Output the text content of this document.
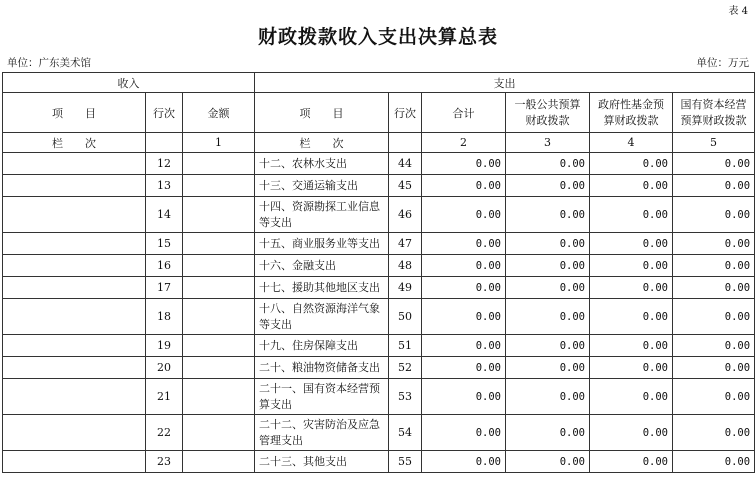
表 4
财政拨款收入支出决算总表
单位：广东美术馆	单位：万元
收入			支出					
项　　目	行次	金额	项　　目	行次	合计	一般公共预算财政拨款	政府性基金预算财政拨款	国有资本经营预算财政拨款
栏　　次		1	栏　　次		2	3	4	5
	12		十二、农林水支出	44	0.00	0.00	0.00	0.00
	13		十三、交通运输支出	45	0.00	0.00	0.00	0.00
	14		十四、资源勘探工业信息等支出	46	0.00	0.00	0.00	0.00
	15		十五、商业服务业等支出	47	0.00	0.00	0.00	0.00
	16		十六、金融支出	48	0.00	0.00	0.00	0.00
	17		十七、援助其他地区支出	49	0.00	0.00	0.00	0.00
	18		十八、自然资源海洋气象等支出	50	0.00	0.00	0.00	0.00
	19		十九、住房保障支出	51	0.00	0.00	0.00	0.00
	20		二十、粮油物资储备支出	52	0.00	0.00	0.00	0.00
	21		二十一、国有资本经营预算支出	53	0.00	0.00	0.00	0.00
	22		二十二、灾害防治及应急管理支出	54	0.00	0.00	0.00	0.00
	23		二十三、其他支出	55	0.00	0.00	0.00	0.00
